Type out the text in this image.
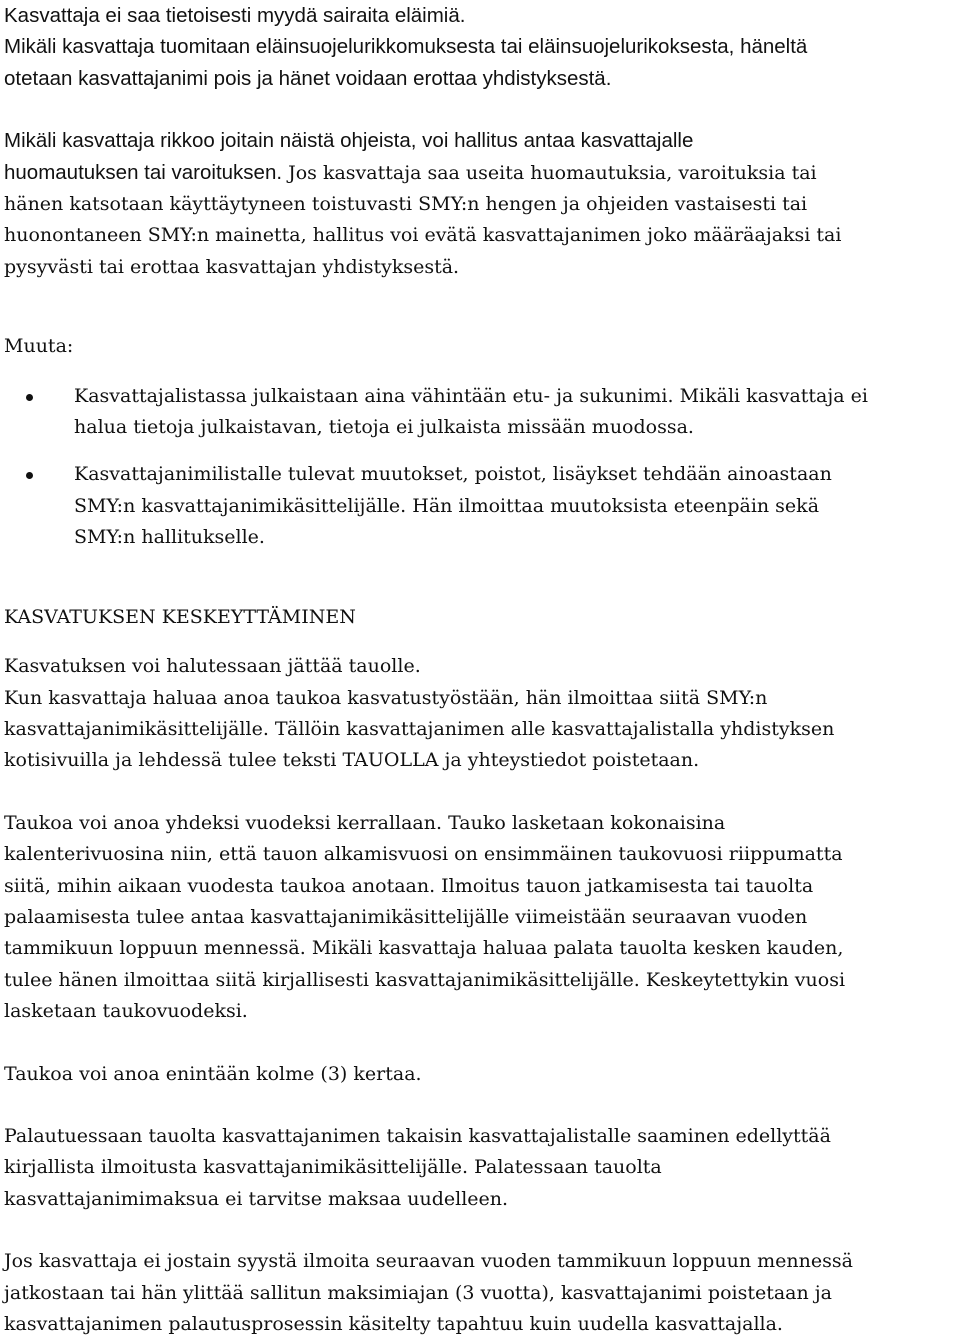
Kasvattaja ei saa tietoisesti myydä sairaita eläimiä.
Mikäli kasvattaja tuomitaan eläinsuojelurikkomuksesta tai eläinsuojelurikoksesta, häneltä
otetaan kasvattajanimi pois ja hänet voidaan erottaa yhdistyksestä.

Mikäli kasvattaja rikkoo joitain näistä ohjeista, voi hallitus antaa kasvattajalle
huomautuksen tai varoituksen. Jos kasvattaja saa useita huomautuksia, varoituksia tai
hänen katsotaan käyttäytyneen toistuvasti SMY:n hengen ja ohjeiden vastaisesti tai
huonontaneen SMY:n mainetta, hallitus voi evätä kasvattajanimen joko määräajaksi tai
pysyvästi tai erottaa kasvattajan yhdistyksestä.

Muuta:

Kasvattajalistassa julkaistaan aina vähintään etu- ja sukunimi. Mikäli kasvattaja ei
halua tietoja julkaistavan, tietoja ei julkaista missään muodossa.
Kasvattajanimilistalle tulevat muutokset, poistot, lisäykset tehdään ainoastaan
SMY:n kasvattajanimikäsittelijälle. Hän ilmoittaa muutoksista eteenpäin sekä
SMY:n hallitukselle.

KASVATUKSEN KESKEYTTÄMINEN

Kasvatuksen voi halutessaan jättää tauolle.
Kun kasvattaja haluaa anoa taukoa kasvatustyöstään, hän ilmoittaa siitä SMY:n
kasvattajanimikäsittelijälle. Tällöin kasvattajanimen alle kasvattajalistalla yhdistyksen
kotisivuilla ja lehdessä tulee teksti TAUOLLA ja yhteystiedot poistetaan.

Taukoa voi anoa yhdeksi vuodeksi kerrallaan. Tauko lasketaan kokonaisina
kalenterivuosina niin, että tauon alkamisvuosi on ensimmäinen taukovuosi riippumatta
siitä, mihin aikaan vuodesta taukoa anotaan. Ilmoitus tauon jatkamisesta tai tauolta
palaamisesta tulee antaa kasvattajanimikäsittelijälle viimeistään seuraavan vuoden
tammikuun loppuun mennessä. Mikäli kasvattaja haluaa palata tauolta kesken kauden,
tulee hänen ilmoittaa siitä kirjallisesti kasvattajanimikäsittelijälle. Keskeytettykin vuosi
lasketaan taukovuodeksi.

Taukoa voi anoa enintään kolme (3) kertaa.

Palautuessaan tauolta kasvattajanimen takaisin kasvattajalistalle saaminen edellyttää
kirjallista ilmoitusta kasvattajanimikäsittelijälle. Palatessaan tauolta
kasvattajanimimaksua ei tarvitse maksaa uudelleen.

Jos kasvattaja ei jostain syystä ilmoita seuraavan vuoden tammikuun loppuun mennessä
jatkostaan tai hän ylittää sallitun maksimiajan (3 vuotta), kasvattajanimi poistetaan ja
kasvattajanimen palautusprosessin käsitelty tapahtuu kuin uudella kasvattajalla.
